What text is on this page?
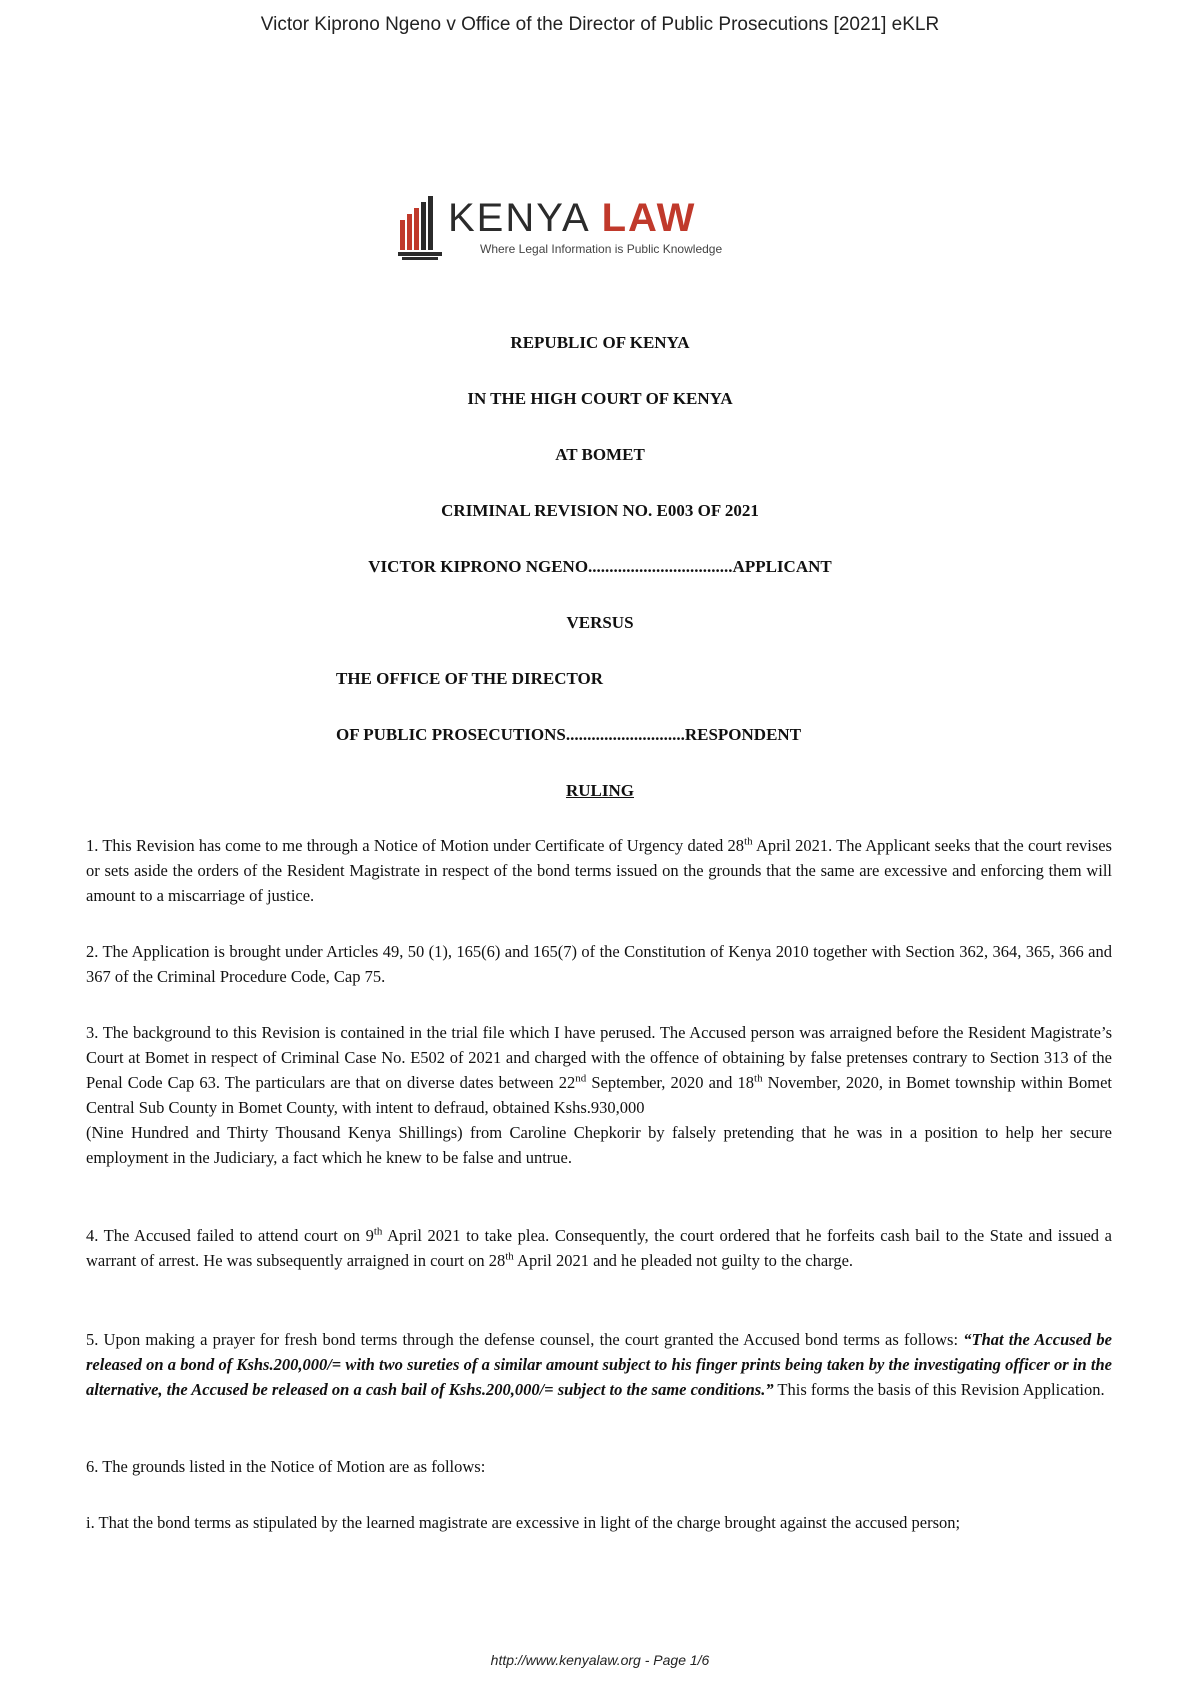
Victor Kiprono Ngeno v Office of the Director of Public Prosecutions [2021] eKLR
KENYA LAW
Where Legal Information is Public Knowledge
REPUBLIC OF KENYA
IN THE HIGH COURT OF KENYA
AT BOMET
CRIMINAL REVISION NO. E003 OF 2021
VICTOR KIPRONO NGENO..................................APPLICANT
VERSUS
THE OFFICE OF THE DIRECTOR
OF PUBLIC PROSECUTIONS............................RESPONDENT
RULING
1. This Revision has come to me through a Notice of Motion under Certificate of Urgency dated 28th April 2021. The Applicant seeks that the court revises or sets aside the orders of the Resident Magistrate in respect of the bond terms issued on the grounds that the same are excessive and enforcing them will amount to a miscarriage of justice.
2. The Application is brought under Articles 49, 50 (1), 165(6) and 165(7) of the Constitution of Kenya 2010 together with Section 362, 364, 365, 366 and 367 of the Criminal Procedure Code, Cap 75.
3. The background to this Revision is contained in the trial file which I have perused. The Accused person was arraigned before the Resident Magistrate’s Court at Bomet in respect of Criminal Case No. E502 of 2021 and charged with the offence of obtaining by false pretenses contrary to Section 313 of the Penal Code Cap 63. The particulars are that on diverse dates between 22nd September, 2020 and 18th November, 2020, in Bomet township within Bomet Central Sub County in Bomet County, with intent to defraud, obtained Kshs.930,000
(Nine Hundred and Thirty Thousand Kenya Shillings) from Caroline Chepkorir by falsely pretending that he was in a position to help her secure employment in the Judiciary, a fact which he knew to be false and untrue.
4. The Accused failed to attend court on 9th April 2021 to take plea. Consequently, the court ordered that he forfeits cash bail to the State and issued a warrant of arrest. He was subsequently arraigned in court on 28th April 2021 and he pleaded not guilty to the charge.
5. Upon making a prayer for fresh bond terms through the defense counsel, the court granted the Accused bond terms as follows: “That the Accused be released on a bond of Kshs.200,000/= with two sureties of a similar amount subject to his finger prints being taken by the investigating officer or in the alternative, the Accused be released on a cash bail of Kshs.200,000/= subject to the same conditions.” This forms the basis of this Revision Application.
6. The grounds listed in the Notice of Motion are as follows:
i. That the bond terms as stipulated by the learned magistrate are excessive in light of the charge brought against the accused person;
http://www.kenyalaw.org - Page 1/6
